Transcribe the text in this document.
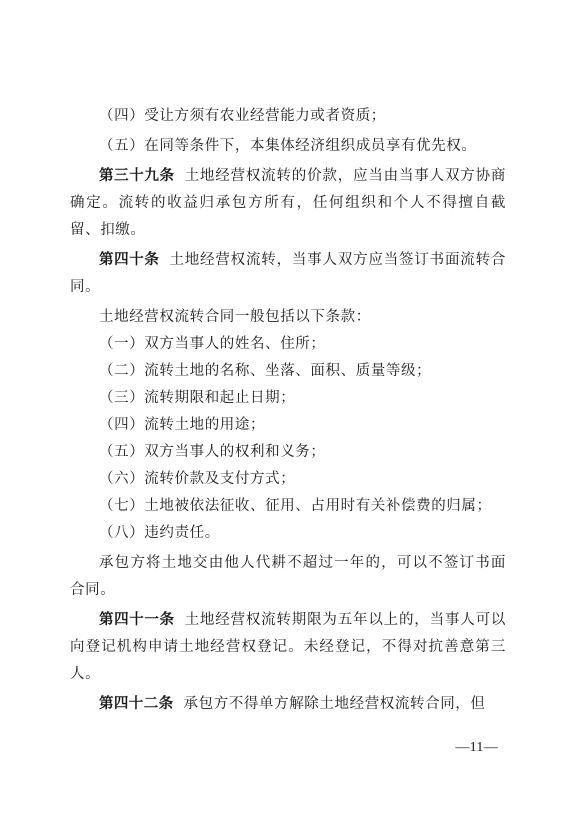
（四）受让方须有农业经营能力或者资质；

（五）在同等条件下，本集体经济组织成员享有优先权。

第三十九条 土地经营权流转的价款，应当由当事人双方协商确定。流转的收益归承包方所有，任何组织和个人不得擅自截留、扣缴。

第四十条 土地经营权流转，当事人双方应当签订书面流转合同。

土地经营权流转合同一般包括以下条款：

（一）双方当事人的姓名、住所；

（二）流转土地的名称、坐落、面积、质量等级；

（三）流转期限和起止日期；

（四）流转土地的用途；

（五）双方当事人的权利和义务；

（六）流转价款及支付方式；

（七）土地被依法征收、征用、占用时有关补偿费的归属；

（八）违约责任。

承包方将土地交由他人代耕不超过一年的，可以不签订书面合同。

第四十一条 土地经营权流转期限为五年以上的，当事人可以向登记机构申请土地经营权登记。未经登记，不得对抗善意第三人。

第四十二条 承包方不得单方解除土地经营权流转合同，但

—11—
